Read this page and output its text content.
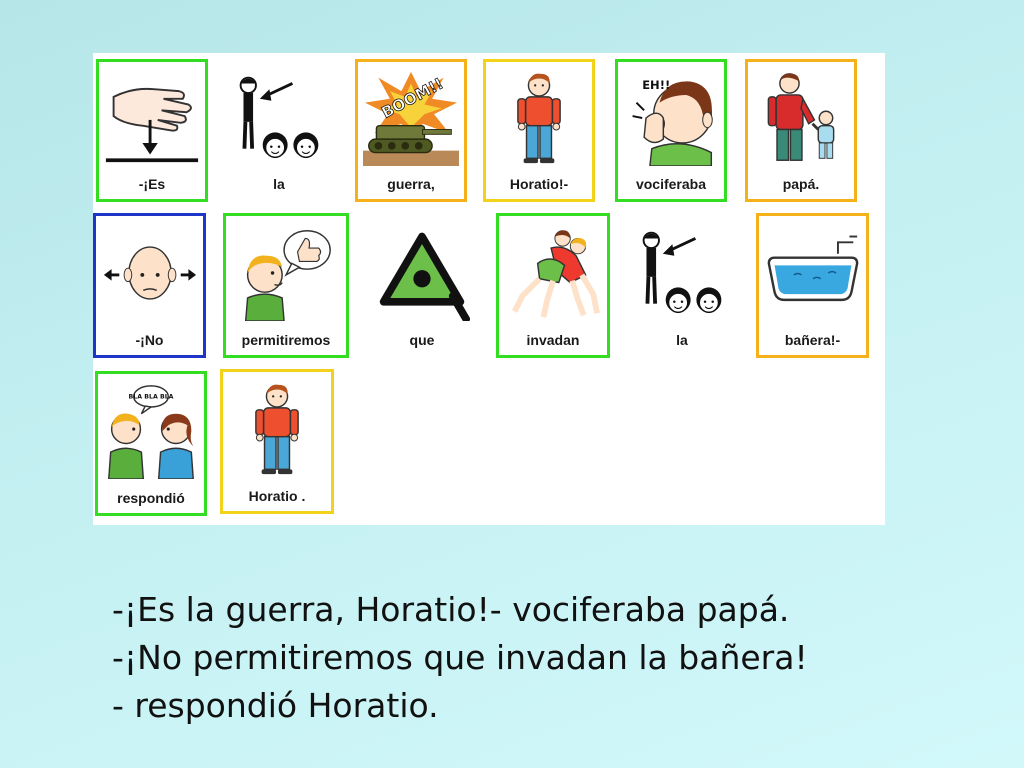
-¡Es	la
BOOM!!
guerra,	Horatio!-
EH!!
vociferaba	papá.
-¡No	permitiremos	que	invadan	la	bañera!-
BLA BLA BLA
respondió	Horatio .
-¡Es la guerra, Horatio!- vociferaba papá.
-¡No permitiremos que invadan la bañera!
- respondió Horatio.
